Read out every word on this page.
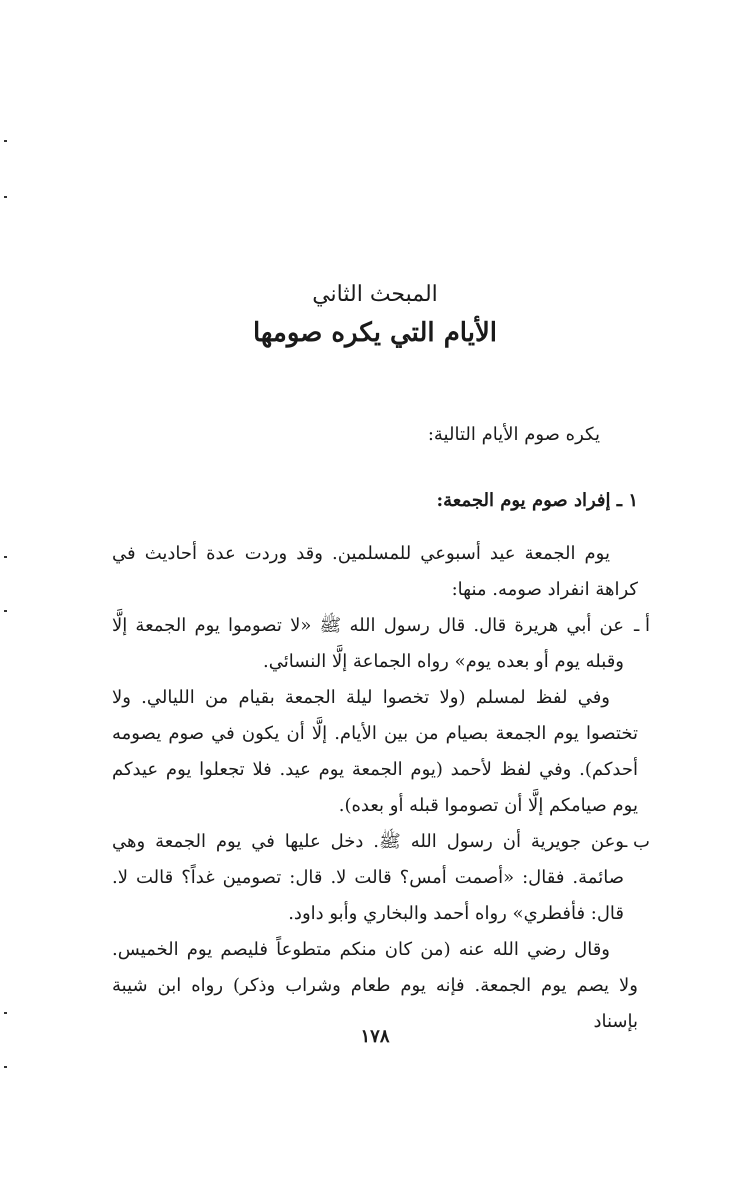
المبحث الثاني
الأيام التي يكره صومها

يكره صوم الأيام التالية:

١ ـ إفراد صوم يوم الجمعة:

يوم الجمعة عيد أسبوعي للمسلمين. وقد وردت عدة أحاديث في كراهة انفراد صومه. منها:

أ ـ

عن أبي هريرة قال. قال رسول الله ﷺ «لا تصوموا يوم الجمعة إلَّا وقبله يوم أو بعده يوم» رواه الجماعة إلَّا النسائي.

وفي لفظ لمسلم (ولا تخصوا ليلة الجمعة بقيام من الليالي. ولا تختصوا يوم الجمعة بصيام من بين الأيام. إلَّا أن يكون في صوم يصومه أحدكم). وفي لفظ لأحمد (يوم الجمعة يوم عيد. فلا تجعلوا يوم عيدكم يوم صيامكم إلَّا أن تصوموا قبله أو بعده).

ب ـ

وعن جويرية أن رسول الله ﷺ. دخل عليها في يوم الجمعة وهي صائمة. فقال: «أصمت أمس؟ قالت لا. قال: تصومين غداً؟ قالت لا. قال: فأفطري» رواه أحمد والبخاري وأبو داود.

وقال رضي الله عنه (من كان منكم متطوعاً فليصم يوم الخميس. ولا يصم يوم الجمعة. فإنه يوم طعام وشراب وذكر) رواه ابن شيبة بإسناد

١٧٨
